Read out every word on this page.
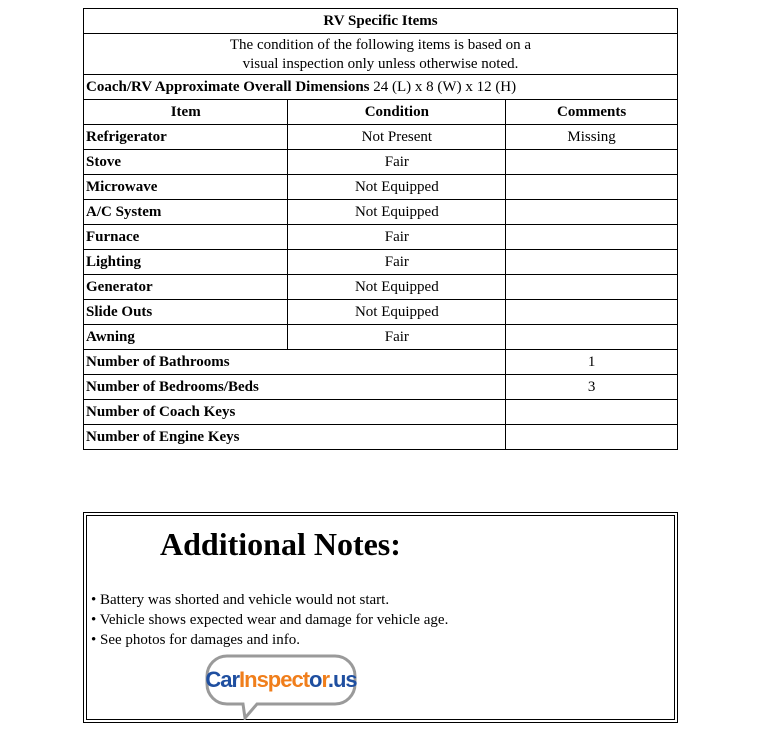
RV Specific Items		
The condition of the following items is based on a
visual inspection only unless otherwise noted.		
Coach/RV Approximate Overall Dimensions 24 (L) x 8 (W) x 12 (H)		
Item	Condition	Comments
Refrigerator	Not Present	Missing
Stove	Fair	
Microwave	Not Equipped	
A/C System	Not Equipped	
Furnace	Fair	
Lighting	Fair	
Generator	Not Equipped	
Slide Outs	Not Equipped	
Awning	Fair	
Number of Bathrooms		1
Number of Bedrooms/Beds		3
Number of Coach Keys		
Number of Engine Keys		
Additional Notes:
• Battery was shorted and vehicle would not start.
• Vehicle shows expected wear and damage for vehicle age.
• See photos for damages and info.
CarInspector.us
